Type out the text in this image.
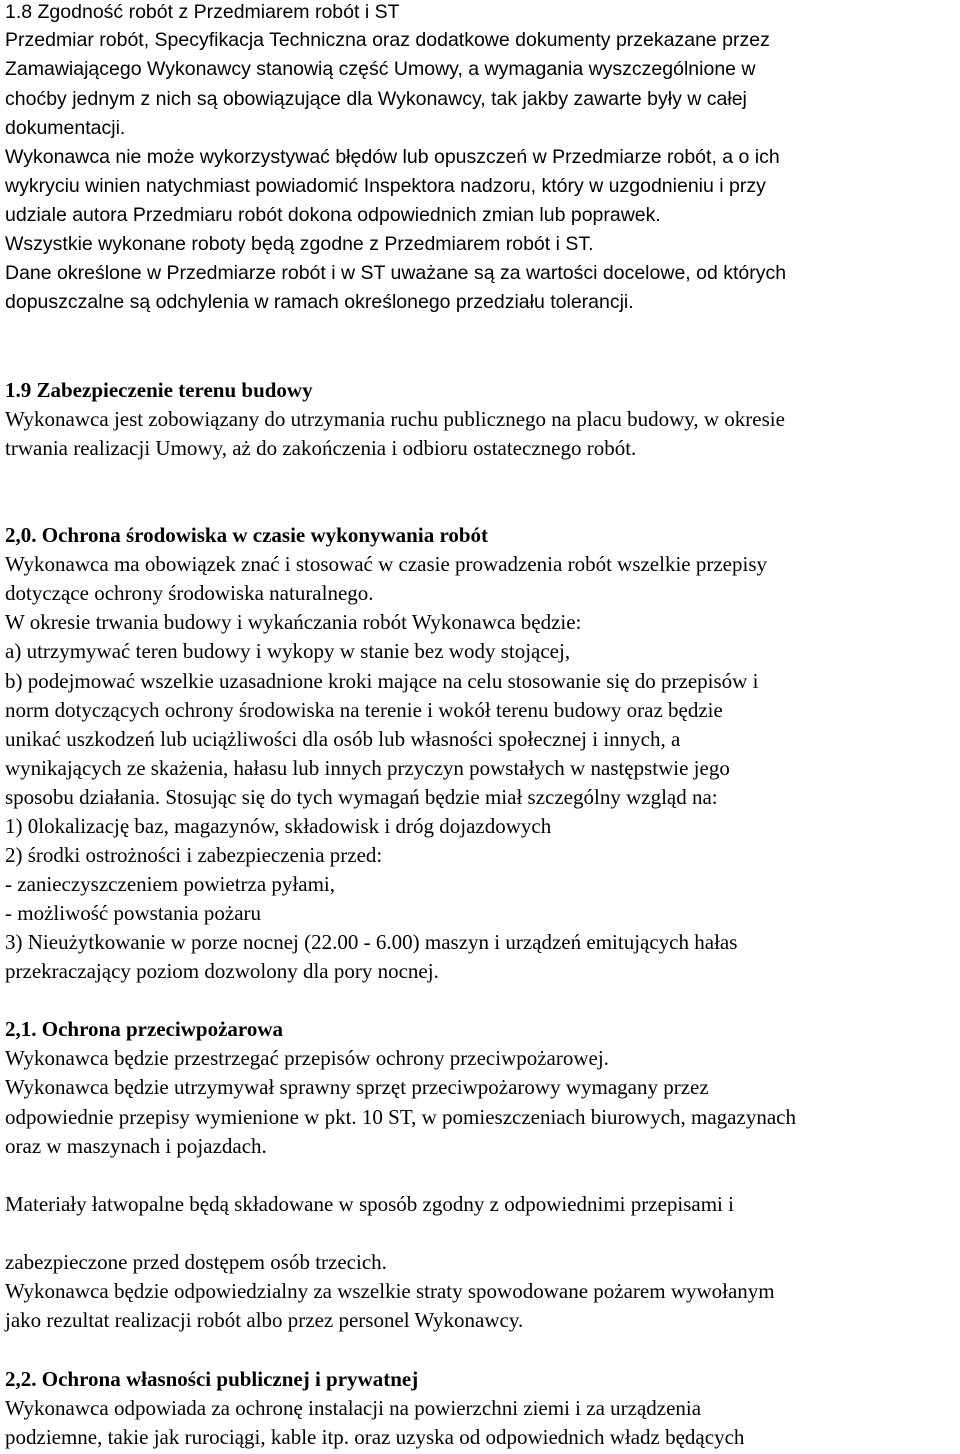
1.8 Zgodność robót z Przedmiarem robót i ST
Przedmiar robót, Specyfikacja Techniczna oraz dodatkowe dokumenty przekazane przez
Zamawiającego Wykonawcy stanowią część Umowy, a wymagania wyszczególnione w
choćby jednym z nich są obowiązujące dla Wykonawcy, tak jakby zawarte były w całej
dokumentacji.
Wykonawca nie może wykorzystywać błędów lub opuszczeń w Przedmiarze robót, a o ich
wykryciu winien natychmiast powiadomić Inspektora nadzoru, który w uzgodnieniu i przy
udziale autora Przedmiaru robót dokona odpowiednich zmian lub poprawek.
Wszystkie wykonane roboty będą zgodne z Przedmiarem robót i ST.
Dane określone w Przedmiarze robót i w ST uważane są za wartości docelowe, od których
dopuszczalne są odchylenia w ramach określonego przedziału tolerancji.
1.9 Zabezpieczenie terenu budowy
Wykonawca jest zobowiązany do utrzymania ruchu publicznego na placu budowy, w okresie
trwania realizacji Umowy, aż do zakończenia i odbioru ostatecznego robót.
2,0. Ochrona środowiska w czasie wykonywania robót
Wykonawca ma obowiązek znać i stosować w czasie prowadzenia robót wszelkie przepisy
dotyczące ochrony środowiska naturalnego.
W okresie trwania budowy i wykańczania robót Wykonawca będzie:
a) utrzymywać teren budowy i wykopy w stanie bez wody stojącej,
b) podejmować wszelkie uzasadnione kroki mające na celu stosowanie się do przepisów i
norm dotyczących ochrony środowiska na terenie i wokół terenu budowy oraz będzie
unikać uszkodzeń lub uciążliwości dla osób lub własności społecznej i innych, a
wynikających ze skażenia, hałasu lub innych przyczyn powstałych w następstwie jego
sposobu działania. Stosując się do tych wymagań będzie miał szczególny wzgląd na:
1) 0lokalizację baz, magazynów, składowisk i dróg dojazdowych
2) środki ostrożności i zabezpieczenia przed:
- zanieczyszczeniem powietrza pyłami,
- możliwość powstania pożaru
3) Nieużytkowanie w porze nocnej (22.00 - 6.00) maszyn i urządzeń emitujących hałas
przekraczający poziom dozwolony dla pory nocnej.
2,1. Ochrona przeciwpożarowa
Wykonawca będzie przestrzegać przepisów ochrony przeciwpożarowej.
Wykonawca będzie utrzymywał sprawny sprzęt przeciwpożarowy wymagany przez
odpowiednie przepisy wymienione w pkt. 10 ST, w pomieszczeniach biurowych, magazynach
oraz w maszynach i pojazdach.
Materiały łatwopalne będą składowane w sposób zgodny z odpowiednimi przepisami i
zabezpieczone przed dostępem osób trzecich.
Wykonawca będzie odpowiedzialny za wszelkie straty spowodowane pożarem wywołanym
jako rezultat realizacji robót albo przez personel Wykonawcy.
2,2. Ochrona własności publicznej i prywatnej
Wykonawca odpowiada za ochronę instalacji na powierzchni ziemi i za urządzenia
podziemne, takie jak rurociągi, kable itp. oraz uzyska od odpowiednich władz będących
